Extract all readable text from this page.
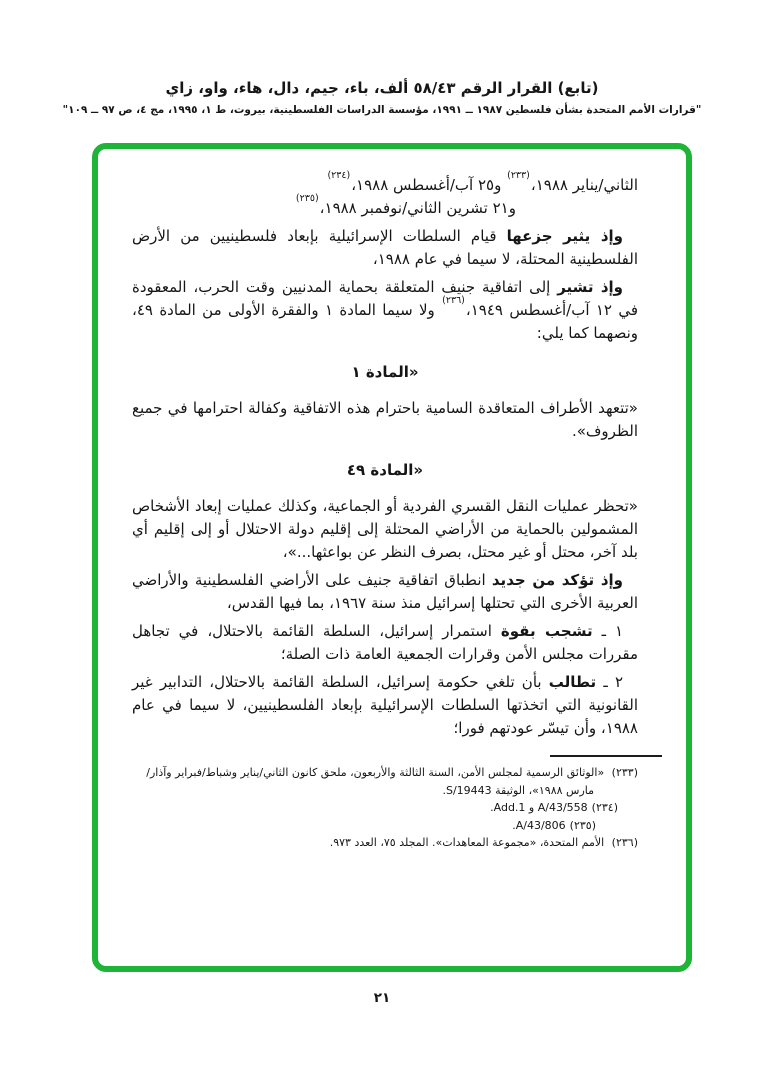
(تابع) القرار الرقم ٥٨/٤٣ ألف، باء، جيم، دال، هاء، واو، زاي
"قرارات الأمم المتحدة بشأن فلسطين ١٩٨٧ ــ ١٩٩١، مؤسسة الدراسات الفلسطينية، بيروت، ط ١، ١٩٩٥، مج ٤، ص ٩٧ ــ ١٠٩"

الثاني/يناير ١٩٨٨،$^{(٢٣٣)}$ و٢٥ آب/أغسطس ١٩٨٨،$^{(٢٣٤)}$
و٢١ تشرين الثاني/نوفمبر ١٩٨٨،$^{(٢٣٥)}$

وإذ يثير جزعها قيام السلطات الإسرائيلية بإبعاد فلسطينيين من الأرض الفلسطينية المحتلة، لا سيما في عام ١٩٨٨،

وإذ تشير إلى اتفاقية جنيف المتعلقة بحماية المدنيين وقت الحرب، المعقودة في ١٢ آب/أغسطس ١٩٤٩،$^{(٢٣٦)}$ ولا سيما المادة ١ والفقرة الأولى من المادة ٤٩، ونصهما كما يلي:

«المادة ١

«تتعهد الأطراف المتعاقدة السامية باحترام هذه الاتفاقية وكفالة احترامها في جميع الظروف».

«المادة ٤٩

«تحظر عمليات النقل القسري الفردية أو الجماعية، وكذلك عمليات إبعاد الأشخاص المشمولين بالحماية من الأراضي المحتلة إلى إقليم دولة الاحتلال أو إلى إقليم أي بلد آخر، محتل أو غير محتل، بصرف النظر عن بواعثها...»،

وإذ تؤكد من جديد انطباق اتفاقية جنيف على الأراضي الفلسطينية والأراضي العربية الأخرى التي تحتلها إسرائيل منذ سنة ١٩٦٧، بما فيها القدس،

١ ـ تشجب بقوة استمرار إسرائيل، السلطة القائمة بالاحتلال، في تجاهل مقررات مجلس الأمن وقرارات الجمعية العامة ذات الصلة؛

٢ ـ تطالب بأن تلغي حكومة إسرائيل، السلطة القائمة بالاحتلال، التدابير غير القانونية التي اتخذتها السلطات الإسرائيلية بإبعاد الفلسطينيين، لا سيما في عام ١٩٨٨، وأن تيسّر عودتهم فورا؛

(٢٣٣) «الوثائق الرسمية لمجلس الأمن، السنة الثالثة والأربعون، ملحق كانون الثاني/يناير وشباط/فبراير وآذار/مارس ١٩٨٨»، الوثيقة S/19443.

(٢٣٤)A/43/558 و Add.1.

(٢٣٥)A/43/806.

(٢٣٦) الأمم المتحدة، «مجموعة المعاهدات». المجلد ٧٥، العدد ٩٧٣.

٢١
